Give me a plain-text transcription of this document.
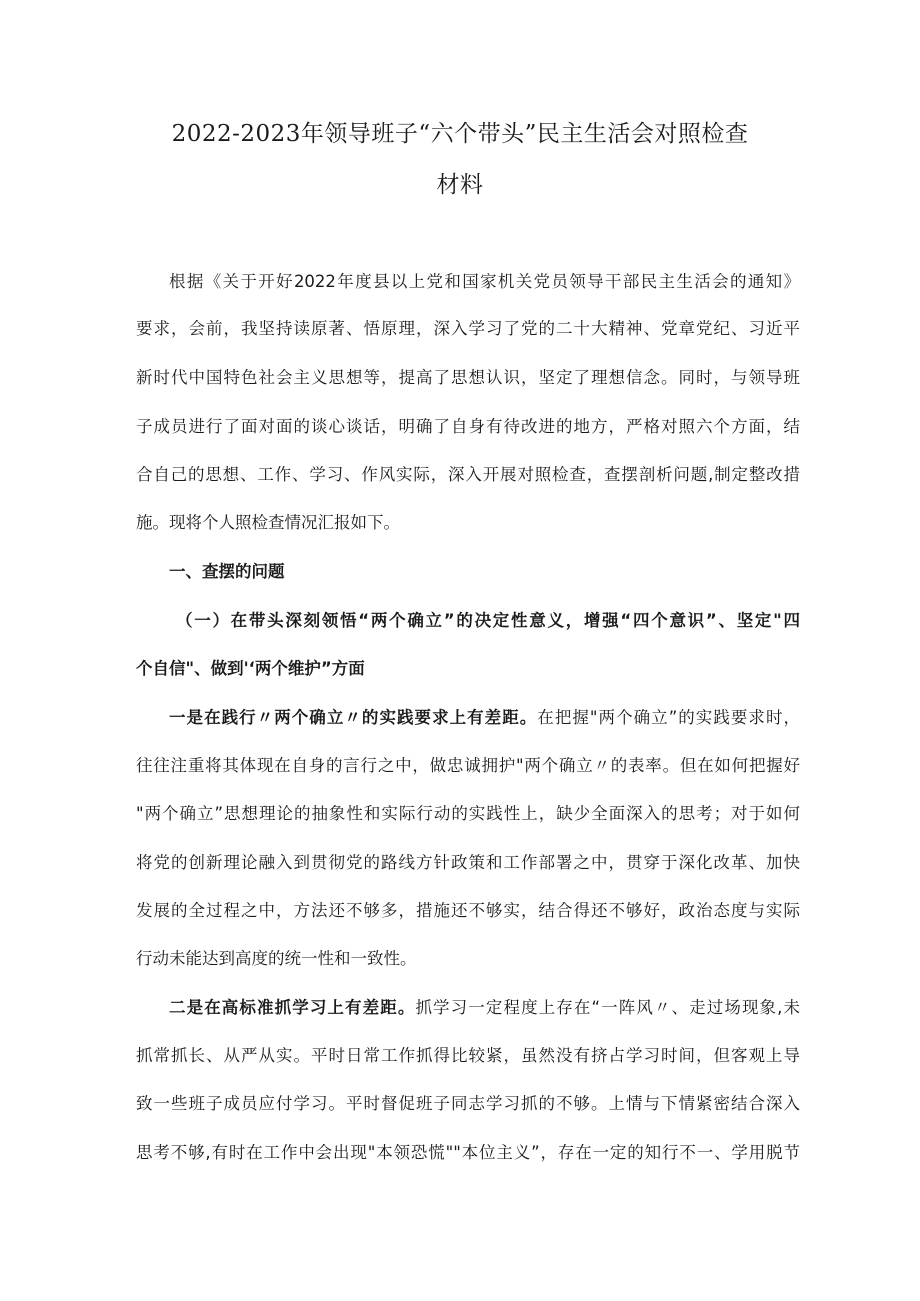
2022-2023年领导班子“六个带头”民主生活会对照检查
材料
根据《关于开好2022年度县以上党和国家机关党员领导干部民主生活会的通知》
要求，会前，我坚持读原著、悟原理，深入学习了党的二十大精神、党章党纪、习近平
新时代中国特色社会主义思想等，提高了思想认识，坚定了理想信念。同时，与领导班
子成员进行了面对面的谈心谈话，明确了自身有待改进的地方，严格对照六个方面，结
合自己的思想、工作、学习、作风实际，深入开展对照检查，查摆剖析问题,制定整改措
施。现将个人照检查情况汇报如下。
一、查摆的问题
（一）在带头深刻领悟“两个确立”的决定性意义，增强“四个意识”、坚定"四
个自信"、做到'‘两个维护”方面
一是在践行〃两个确立〃的实践要求上有差距。在把握"两个确立”的实践要求时，
往往注重将其体现在自身的言行之中，做忠诚拥护"两个确立〃的表率。但在如何把握好
"两个确立”思想理论的抽象性和实际行动的实践性上，缺少全面深入的思考；对于如何
将党的创新理论融入到贯彻党的路线方针政策和工作部署之中，贯穿于深化改革、加快
发展的全过程之中，方法还不够多，措施还不够实，结合得还不够好，政治态度与实际
行动未能达到高度的统一性和一致性。
二是在高标准抓学习上有差距。抓学习一定程度上存在“一阵风〃、走过场现象,未
抓常抓长、从严从实。平时日常工作抓得比较紧，虽然没有挤占学习时间，但客观上导
致一些班子成员应付学习。平时督促班子同志学习抓的不够。上情与下情紧密结合深入
思考不够,有时在工作中会出现"本领恐慌""本位主义”，存在一定的知行不一、学用脱节
